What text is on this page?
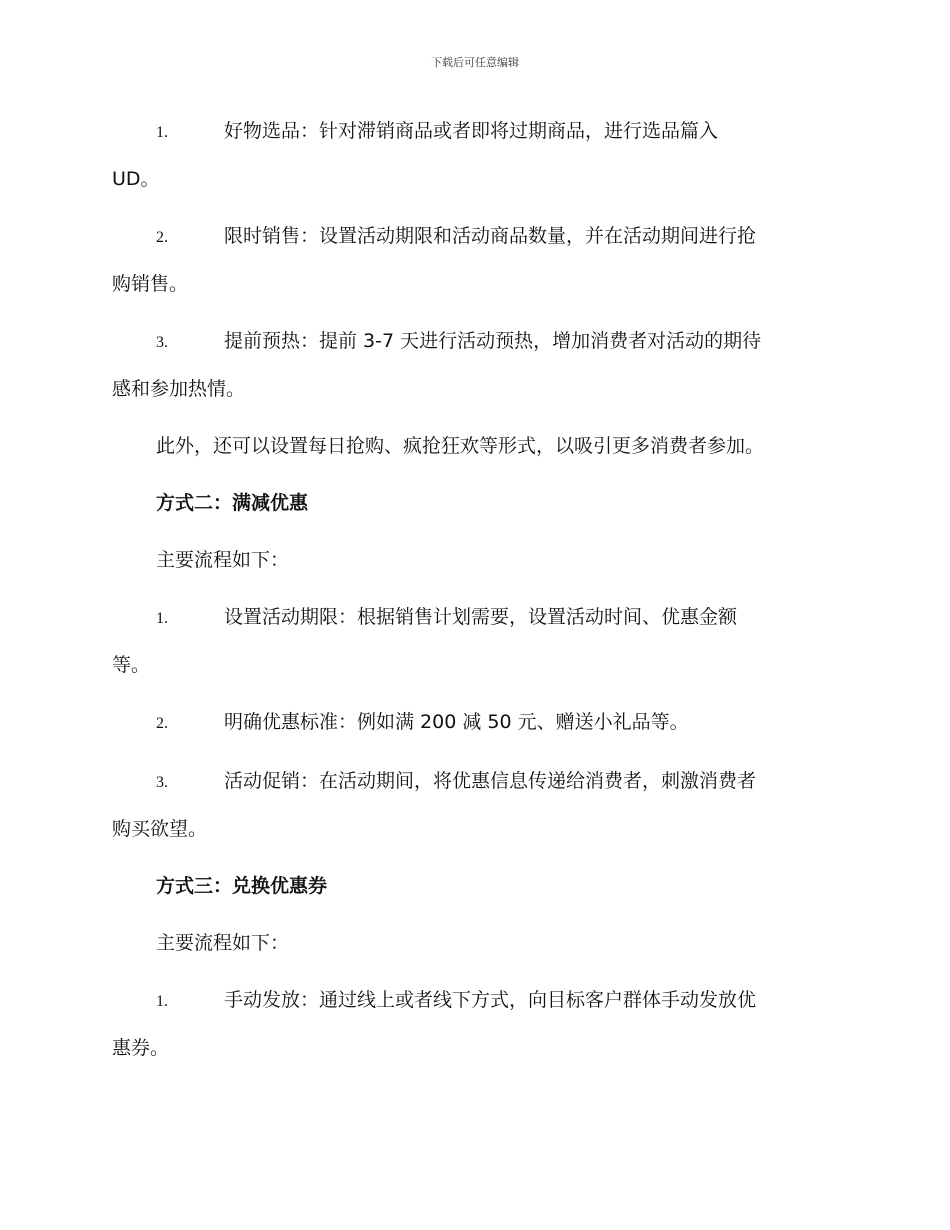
下载后可任意编辑
1.	好物选品：针对滞销商品或者即将过期商品，进行选品篇入
UD。
2.	限时销售：设置活动期限和活动商品数量，并在活动期间进行抢
购销售。
3.	提前预热：提前 3-7 天进行活动预热，增加消费者对活动的期待
感和参加热情。

此外，还可以设置每日抢购、疯抢狂欢等形式，以吸引更多消费者参加。

方式二：满减优惠

主要流程如下：

1.	设置活动期限：根据销售计划需要，设置活动时间、优惠金额
等。
2.	明确优惠标准：例如满 200 减 50 元、赠送小礼品等。
3.	活动促销：在活动期间，将优惠信息传递给消费者，刺激消费者
购买欲望。

方式三：兑换优惠券

主要流程如下：

1.	手动发放：通过线上或者线下方式，向目标客户群体手动发放优
惠券。
